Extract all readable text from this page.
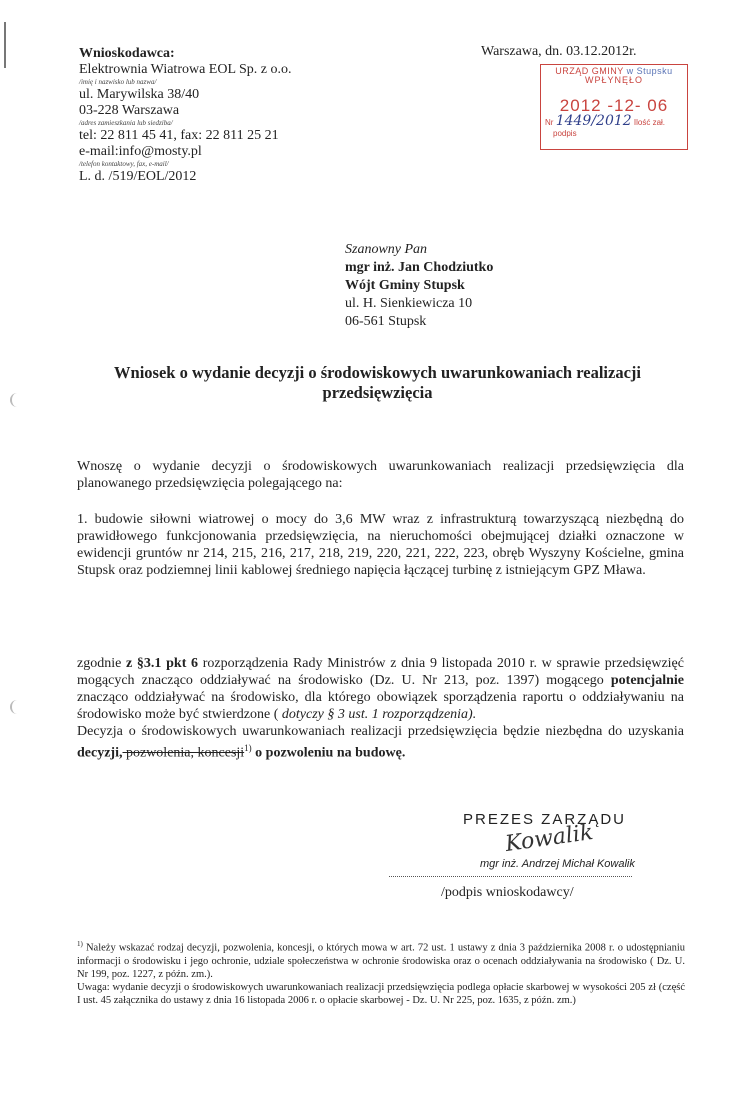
Wnioskodawca:
Elektrownia Wiatrowa EOL Sp. z o.o.
/imię i nazwisko lub nazwa/
ul. Marywilska 38/40
03-228 Warszawa
/adres zamieszkania lub siedziba/
tel: 22 811 45 41, fax: 22 811 25 21
e-mail:info@mosty.pl
/telefon kontaktowy, fax, e-mail/
L. d. /519/EOL/2012
Warszawa, dn. 03.12.2012r.
URZĄD GMINY w Stupsku
WPŁYNĘŁO
2012 -12- 06
Nr 1449/2012 Ilość zał.
podpis
Szanowny Pan
mgr inż. Jan Chodziutko
Wójt Gminy Stupsk
ul. H. Sienkiewicza 10
06-561 Stupsk
Wniosek o wydanie decyzji o środowiskowych uwarunkowaniach realizacji przedsięwzięcia
Wnoszę o wydanie decyzji o środowiskowych uwarunkowaniach realizacji przedsięwzięcia dla planowanego przedsięwzięcia polegającego na:
1. budowie siłowni wiatrowej o mocy do 3,6 MW wraz z infrastrukturą towarzyszącą niezbędną do prawidłowego funkcjonowania przedsięwzięcia, na nieruchomości obejmującej działki oznaczone w ewidencji gruntów nr 214, 215, 216, 217, 218, 219, 220, 221, 222, 223, obręb Wyszyny Kościelne, gmina Stupsk oraz podziemnej linii kablowej średniego napięcia łączącej turbinę z istniejącym GPZ Mława.
zgodnie z §3.1 pkt 6 rozporządzenia Rady Ministrów z dnia 9 listopada 2010 r. w sprawie przedsięwzięć mogących znacząco oddziaływać na środowisko (Dz. U. Nr 213, poz. 1397) mogącego potencjalnie znacząco oddziaływać na środowisko, dla którego obowiązek sporządzenia raportu o oddziaływaniu na środowisko może być stwierdzone ( dotyczy § 3 ust. 1 rozporządzenia).
Decyzja o środowiskowych uwarunkowaniach realizacji przedsięwzięcia będzie niezbędna do uzyskania decyzji, pozwolenia, koncesji$^{1)}$ o pozwoleniu na budowę.
PREZES ZARZĄDU
Kowalik
mgr inż. Andrzej Michał Kowalik
/podpis wnioskodawcy/
$^{1)}$ Należy wskazać rodzaj decyzji, pozwolenia, koncesji, o których mowa w art. 72 ust. 1 ustawy z dnia 3 października 2008 r. o udostępnianiu informacji o środowisku i jego ochronie, udziale społeczeństwa w ochronie środowiska oraz o ocenach oddziaływania na środowisko ( Dz. U. Nr 199, poz. 1227, z późn. zm.).
Uwaga: wydanie decyzji o środowiskowych uwarunkowaniach realizacji przedsięwzięcia podlega opłacie skarbowej w wysokości 205 zł (część I ust. 45 załącznika do ustawy z dnia 16 listopada 2006 r. o opłacie skarbowej - Dz. U. Nr 225, poz. 1635, z późn. zm.)
